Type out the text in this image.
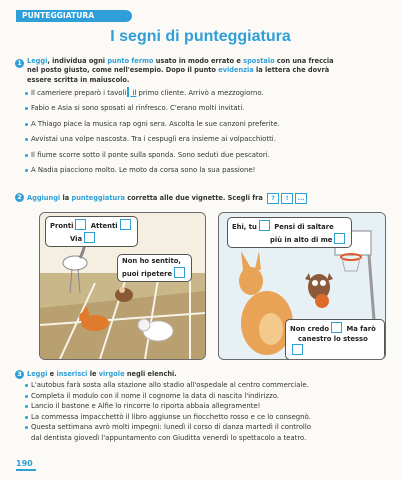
PUNTEGGIATURA
I segni di punteggiatura
1 Leggi, individua ogni punto fermo usato in modo errato e spostalo con una freccia
nel posto giusto, come nell'esempio. Dopo il punto evidenzia la lettera che dovrà
essere scritta in maiuscolo.
Il cameriere preparò i tavoli il primo cliente. Arrivò a mezzogiorno.
Fabio e Asia si sono sposati al rinfresco. C'erano molti invitati.
A Thiago piace la musica rap ogni sera. Ascolta le sue canzoni preferite.
Avvistai una volpe nascosta. Tra i cespugli era insieme ai volpacchiotti.
Il fiume scorre sotto il ponte sulla sponda. Sono seduti due pescatori.
A Nadia piacciono molto. Le moto da corsa sono la sua passione!
2 Aggiungi la punteggiatura corretta alle due vignette. Scegli fra ? ! ...
Pronti	Attenti
Via
Non ho sentito,
puoi ripetere
Ehi, tu	Pensi di saltare
più in alto di me
Non credo	Ma farò
canestro lo stesso
3 Leggi e inserisci le virgole negli elenchi.
L'autobus farà sosta alla stazione allo stadio all'ospedale al centro commerciale.
Completa il modulo con il nome il cognome la data di nascita l'indirizzo.
Lancio il bastone e Alfie lo rincorre lo riporta abbaia allegramente!
La commessa impacchettò il libro aggiunse un fiocchetto rosso e ce lo consegnò.
Questa settimana avrò molti impegni: lunedì il corso di danza martedì il controllo
dal dentista giovedì l'appuntamento con Giuditta venerdì lo spettacolo a teatro.
190
